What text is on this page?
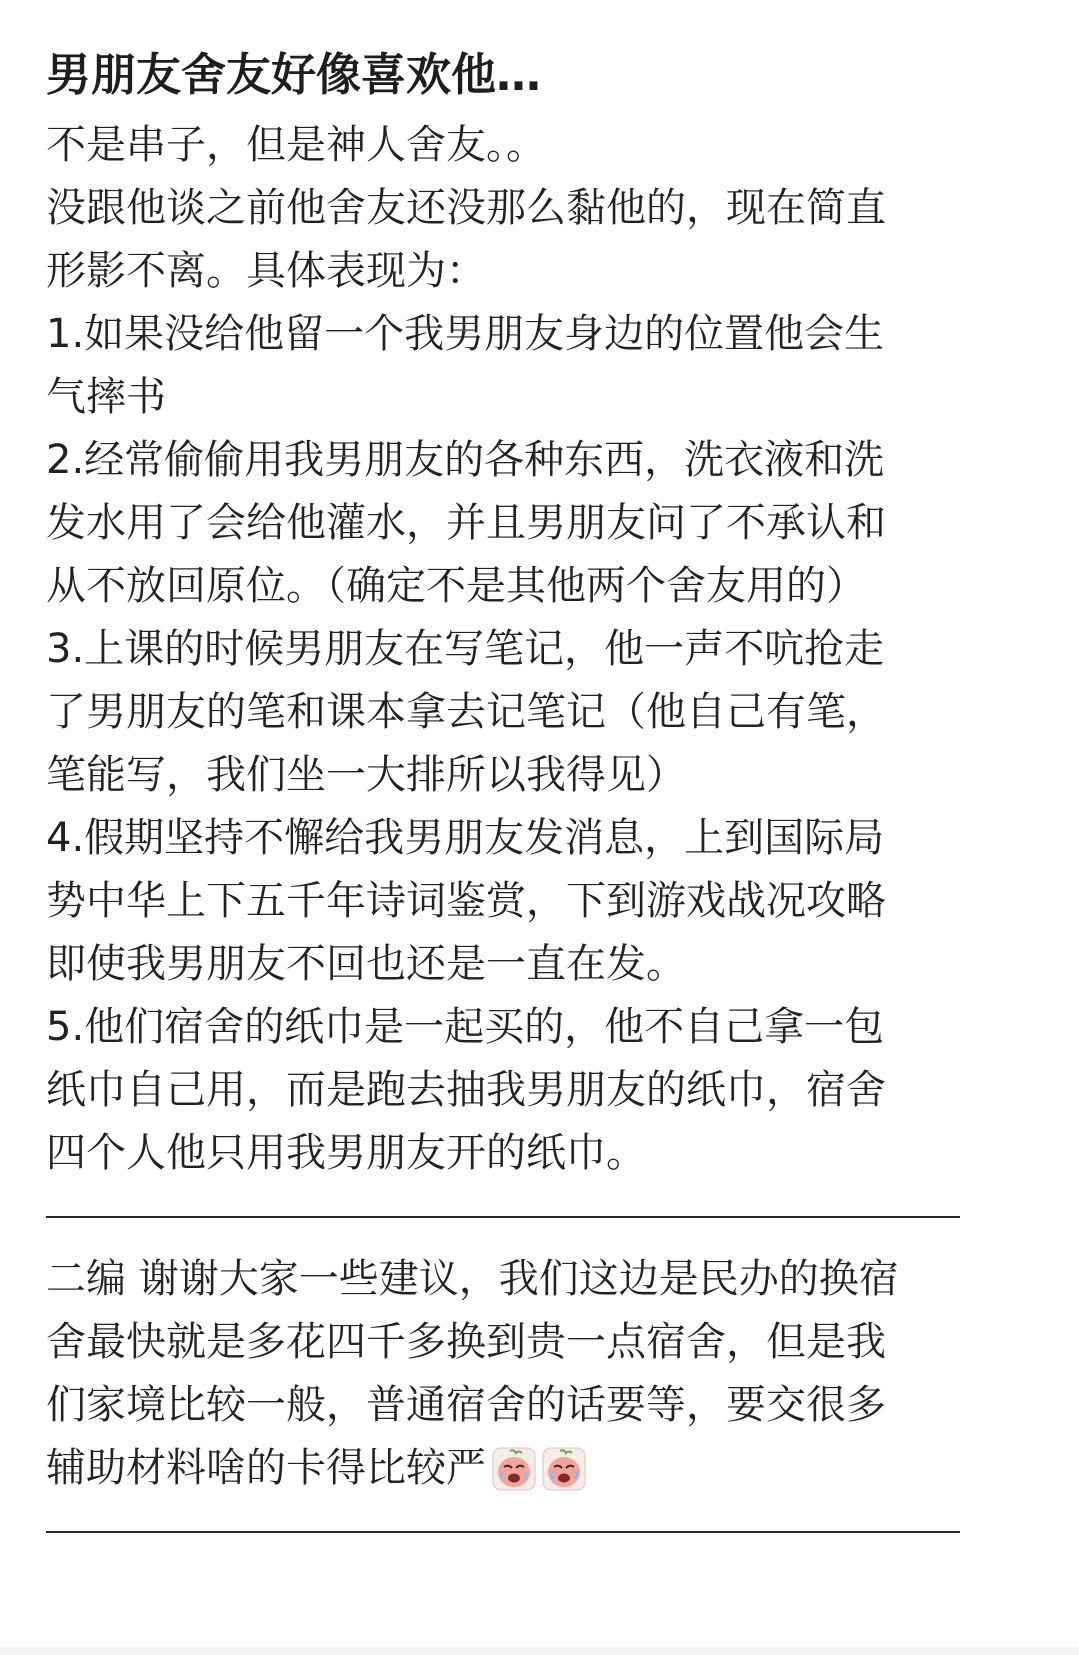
男朋友舍友好像喜欢他…
不是串子，但是神人舍友。。
没跟他谈之前他舍友还没那么黏他的，现在简直
形影不离。具体表现为：
1.如果没给他留一个我男朋友身边的位置他会生
气摔书
2.经常偷偷用我男朋友的各种东西，洗衣液和洗
发水用了会给他灌水，并且男朋友问了不承认和
从不放回原位。（确定不是其他两个舍友用的）
3.上课的时候男朋友在写笔记，他一声不吭抢走
了男朋友的笔和课本拿去记笔记（他自己有笔，
笔能写，我们坐一大排所以我得见）
4.假期坚持不懈给我男朋友发消息，上到国际局
势中华上下五千年诗词鉴赏，下到游戏战况攻略
即使我男朋友不回也还是一直在发。
5.他们宿舍的纸巾是一起买的，他不自己拿一包
纸巾自己用，而是跑去抽我男朋友的纸巾，宿舍
四个人他只用我男朋友开的纸巾。
二编 谢谢大家一些建议，我们这边是民办的换宿
舍最快就是多花四千多换到贵一点宿舍，但是我
们家境比较一般，普通宿舍的话要等，要交很多
辅助材料啥的卡得比较严
